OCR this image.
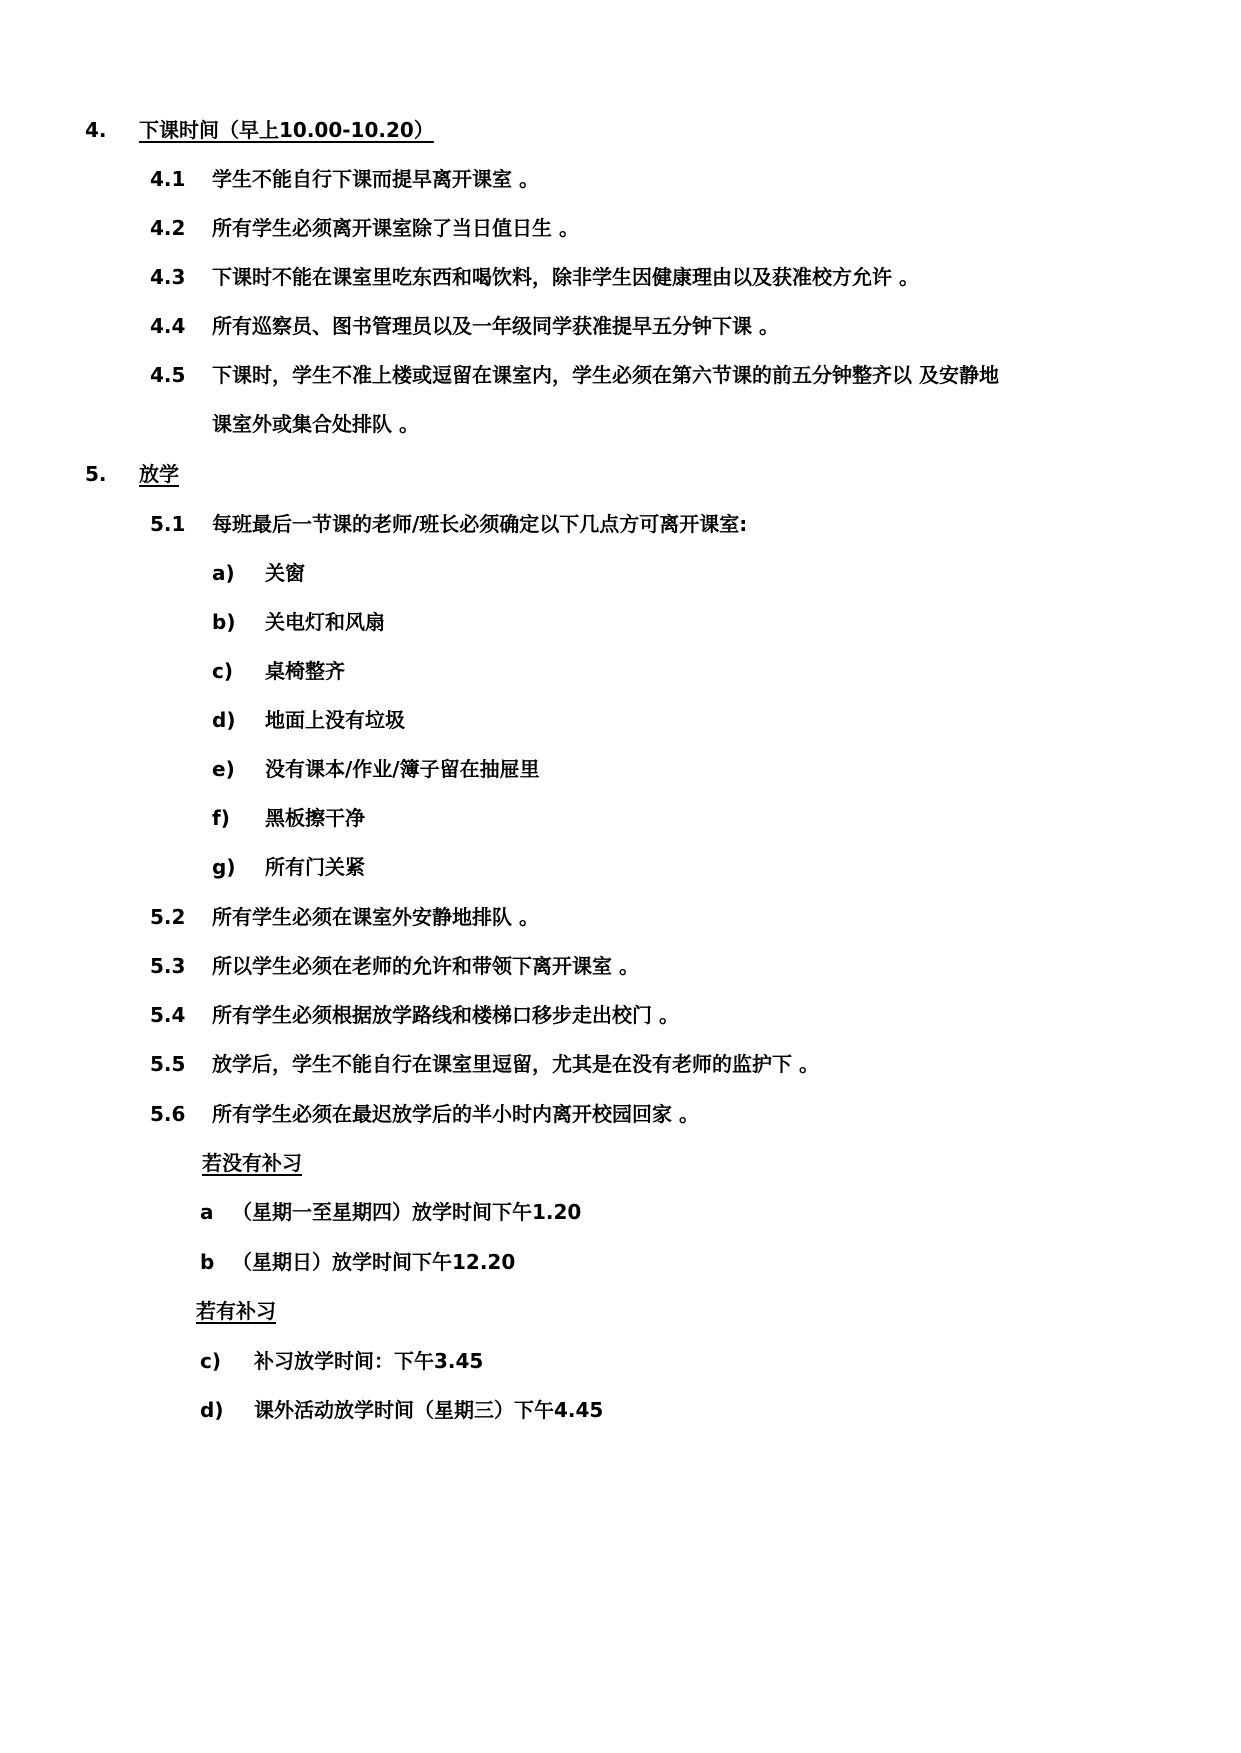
4. 下课时间（早上10.00-10.20）
4.1 学生不能自行下课而提早离开课室 。
4.2 所有学生必须离开课室除了当日值日生 。
4.3 下课时不能在课室里吃东西和喝饮料，除非学生因健康理由以及获准校方允许 。
4.4 所有巡察员、图书管理员以及一年级同学获准提早五分钟下课 。
4.5 下课时，学生不准上楼或逗留在课室内，学生必须在第六节课的前五分钟整齐以 及安静地
课室外或集合处排队 。
5. 放学
5.1 每班最后一节课的老师/班长必须确定以下几点方可离开课室:
a) 关窗
b) 关电灯和风扇
c) 桌椅整齐
d) 地面上没有垃圾
e) 没有课本/作业/簿子留在抽屉里
f) 黑板擦干净
g) 所有门关紧
5.2 所有学生必须在课室外安静地排队 。
5.3 所以学生必须在老师的允许和带领下离开课室 。
5.4 所有学生必须根据放学路线和楼梯口移步走出校门 。
5.5 放学后，学生不能自行在课室里逗留，尤其是在没有老师的监护下 。
5.6 所有学生必须在最迟放学后的半小时内离开校园回家 。
若没有补习
a （星期一至星期四）放学时间下午1.20
b （星期日）放学时间下午12.20
若有补习
c) 补习放学时间：下午3.45
d) 课外活动放学时间（星期三）下午4.45
